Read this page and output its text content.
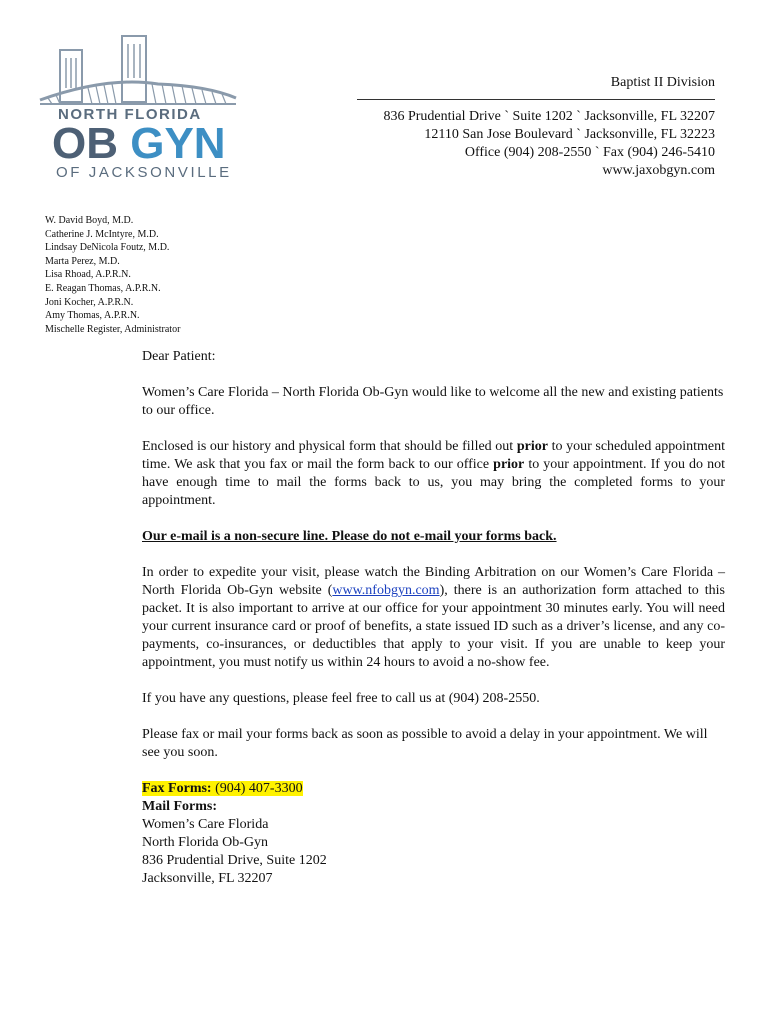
NORTH FLORIDA
OB GYN
OF JACKSONVILLE
Baptist II Division
836 Prudential Drive ` Suite 1202 ` Jacksonville, FL 32207
12110 San Jose Boulevard ` Jacksonville, FL 32223
Office (904) 208-2550 ` Fax (904) 246-5410
www.jaxobgyn.com
W. David Boyd, M.D.
Catherine J. McIntyre, M.D.
Lindsay DeNicola Foutz, M.D.
Marta Perez, M.D.
Lisa Rhoad, A.P.R.N.
E. Reagan Thomas, A.P.R.N.
Joni Kocher, A.P.R.N.
Amy Thomas, A.P.R.N.
Mischelle Register, Administrator

Dear Patient:

Women’s Care Florida – North Florida Ob-Gyn would like to welcome all the new and existing patients to our office.

Enclosed is our history and physical form that should be filled out prior to your scheduled appointment time. We ask that you fax or mail the form back to our office prior to your appointment. If you do not have enough time to mail the forms back to us, you may bring the completed forms to your appointment.

Our e-mail is a non-secure line. Please do not e-mail your forms back.

In order to expedite your visit, please watch the Binding Arbitration on our Women’s Care Florida – North Florida Ob-Gyn website (www.nfobgyn.com), there is an authorization form attached to this packet. It is also important to arrive at our office for your appointment 30 minutes early. You will need your current insurance card or proof of benefits, a state issued ID such as a driver’s license, and any co-payments, co-insurances, or deductibles that apply to your visit. If you are unable to keep your appointment, you must notify us within 24 hours to avoid a no-show fee.

If you have any questions, please feel free to call us at (904) 208-2550.

Please fax or mail your forms back as soon as possible to avoid a delay in your appointment. We will see you soon.

Fax Forms: (904) 407-3300
Mail Forms:
Women’s Care Florida
North Florida Ob-Gyn
836 Prudential Drive, Suite 1202
Jacksonville, FL 32207
